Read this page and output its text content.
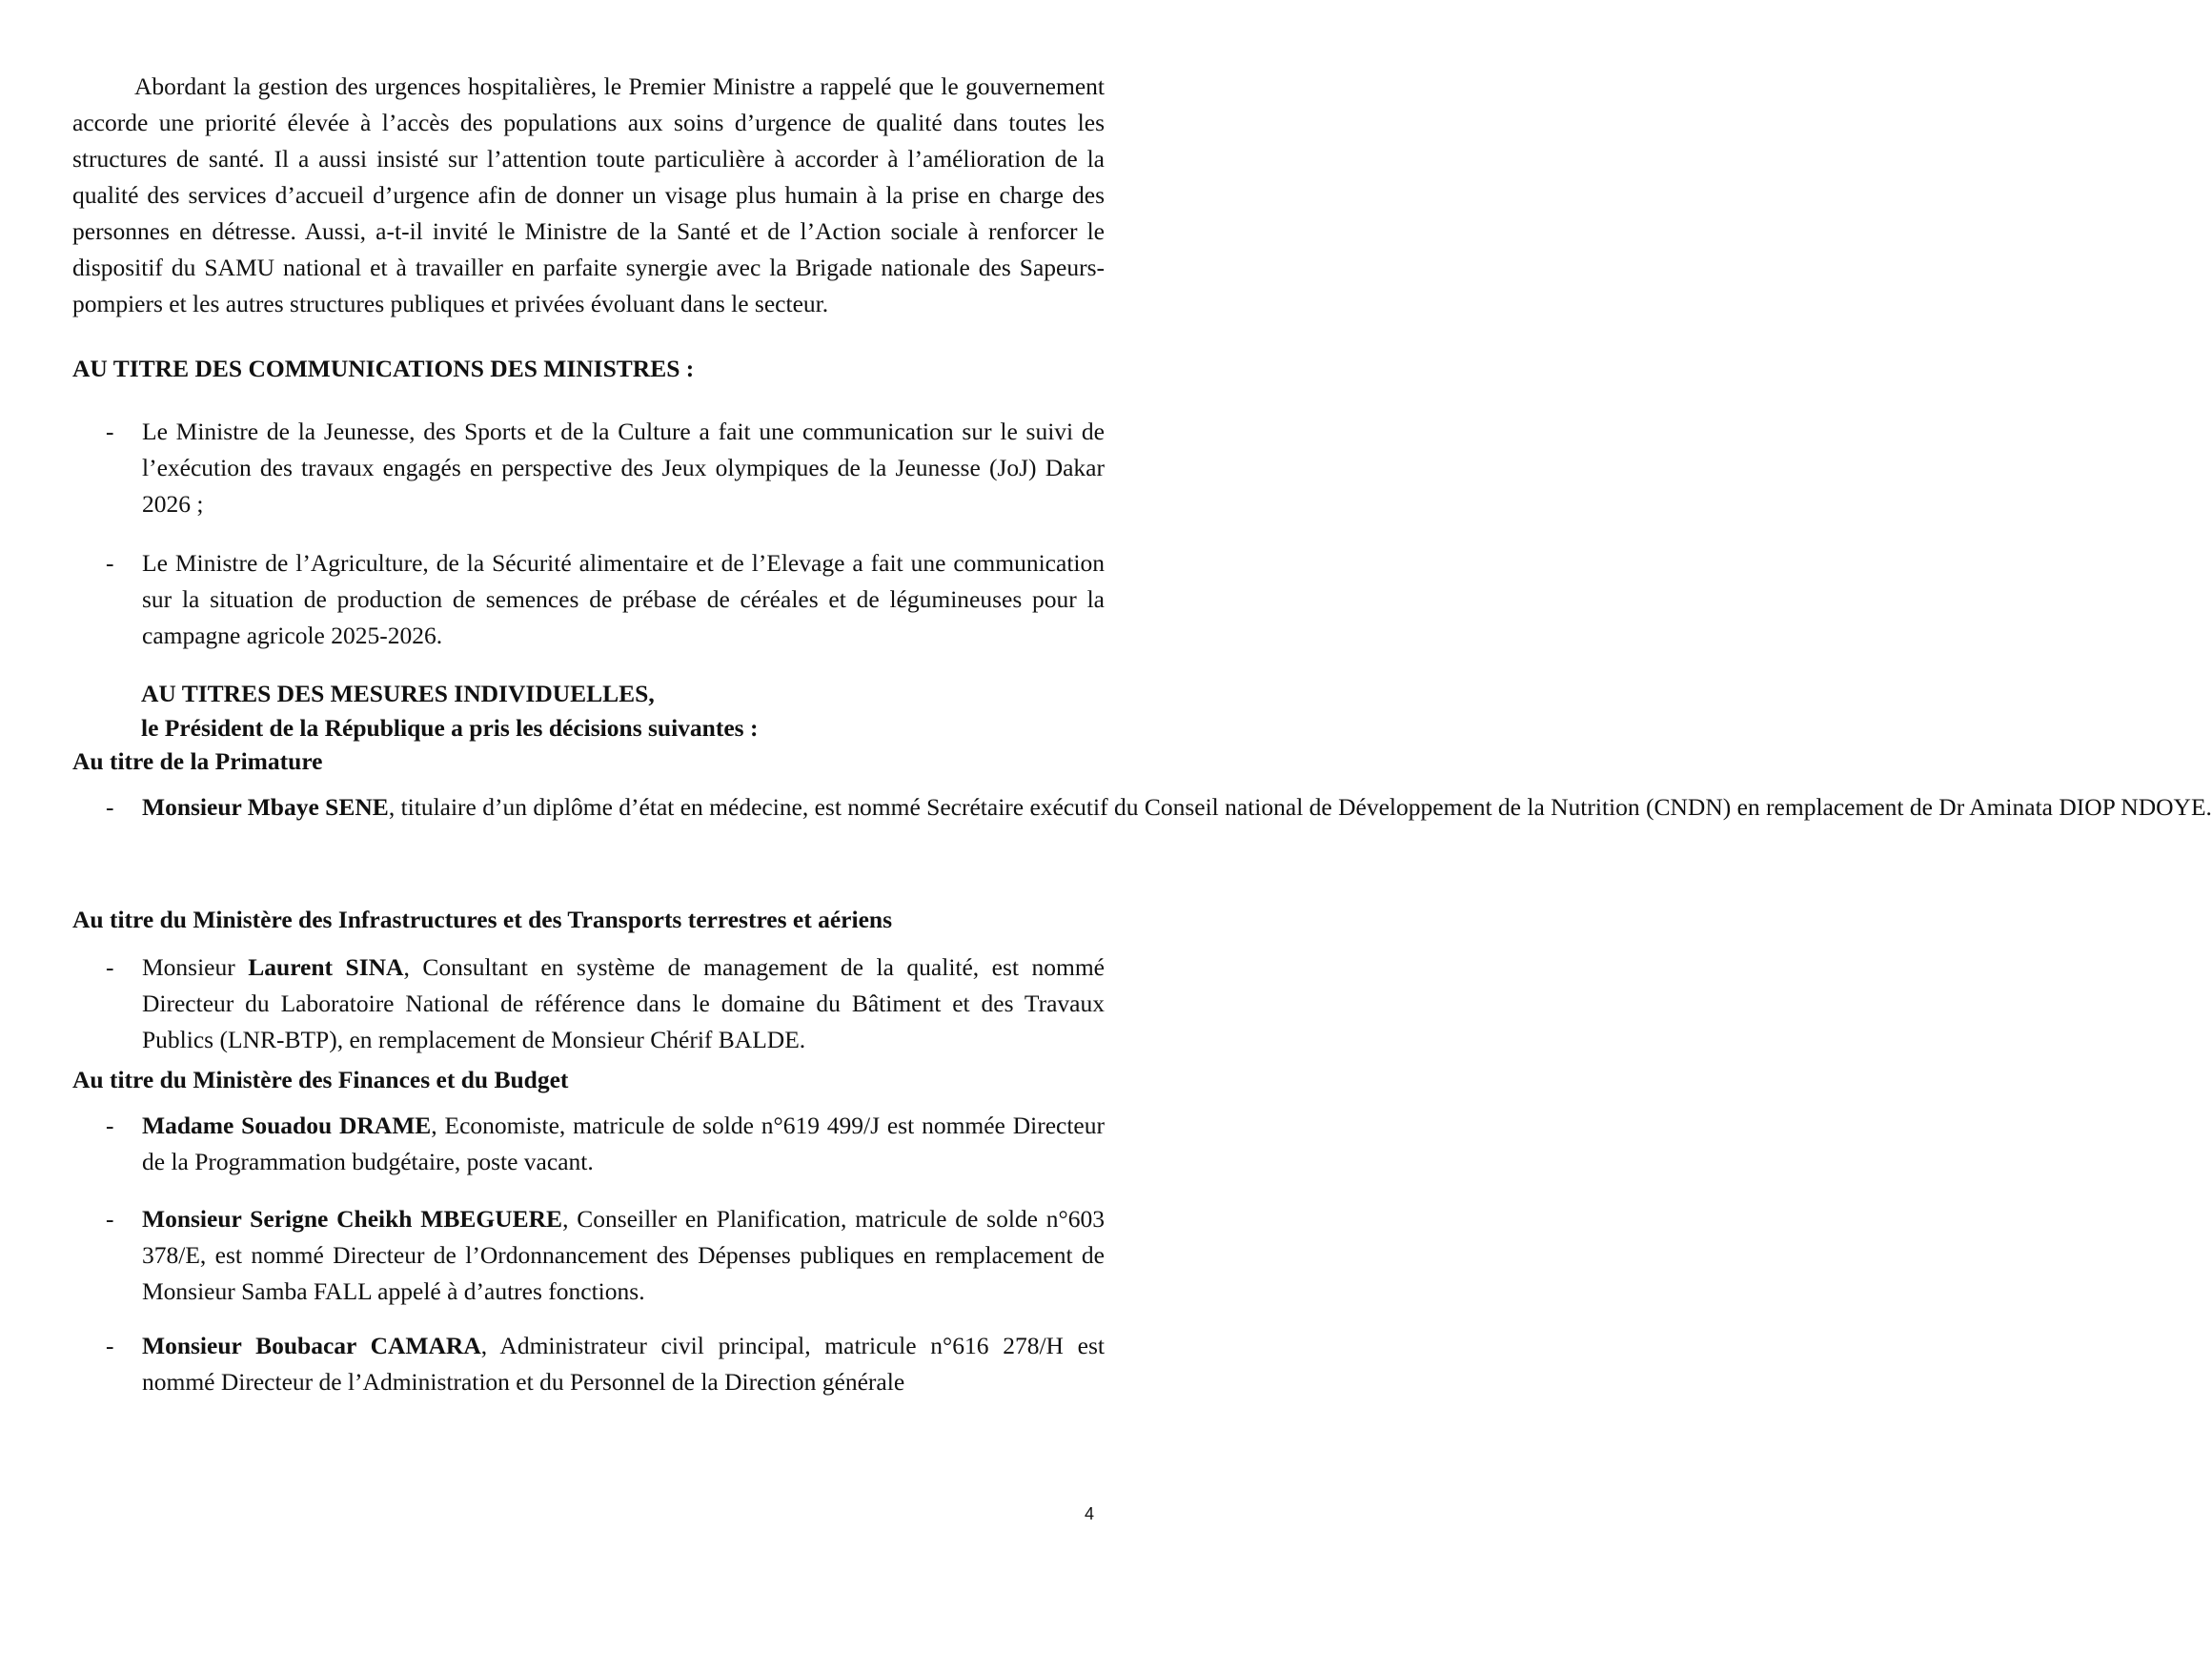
Abordant la gestion des urgences hospitalières, le Premier Ministre a rappelé que le gouvernement accorde une priorité élevée à l’accès des populations aux soins d’urgence de qualité dans toutes les structures de santé. Il a aussi insisté sur l’attention toute particulière à accorder à l’amélioration de la qualité des services d’accueil d’urgence afin de donner un visage plus humain à la prise en charge des personnes en détresse. Aussi, a-t-il invité le Ministre de la Santé et de l’Action sociale à renforcer le dispositif du SAMU national et à travailler en parfaite synergie avec la Brigade nationale des Sapeurs-pompiers et les autres structures publiques et privées évoluant dans le secteur.

AU TITRE DES COMMUNICATIONS DES MINISTRES :
- Le Ministre de la Jeunesse, des Sports et de la Culture a fait une communication sur le suivi de l’exécution des travaux engagés en perspective des Jeux olympiques de la Jeunesse (JoJ) Dakar 2026 ;

- Le Ministre de l’Agriculture, de la Sécurité alimentaire et de l’Elevage a fait une communication sur la situation de production de semences de prébase de céréales et de légumineuses pour la campagne agricole 2025-2026.

AU TITRES DES MESURES INDIVIDUELLES,
le Président de la République a pris les décisions suivantes :
Au titre de la Primature
- Monsieur Mbaye SENE, titulaire d’un diplôme d’état en médecine, est nommé Secrétaire exécutif du Conseil national de Développement de la Nutrition (CNDN) en remplacement de Dr Aminata DIOP NDOYE.

Au titre du Ministère des Infrastructures et des Transports terrestres et aériens
- Monsieur Laurent SINA, Consultant en système de management de la qualité, est nommé Directeur du Laboratoire National de référence dans le domaine du Bâtiment et des Travaux Publics (LNR-BTP), en remplacement de Monsieur Chérif BALDE.

Au titre du Ministère des Finances et du Budget
- Madame Souadou DRAME, Economiste, matricule de solde n°619 499/J est nommée Directeur de la Programmation budgétaire, poste vacant.

- Monsieur Serigne Cheikh MBEGUERE, Conseiller en Planification, matricule de solde n°603 378/E, est nommé Directeur de l’Ordonnancement des Dépenses publiques en remplacement de Monsieur Samba FALL appelé à d’autres fonctions.

- Monsieur Boubacar CAMARA, Administrateur civil principal, matricule n°616 278/H est nommé Directeur de l’Administration et du Personnel de la Direction générale

4
